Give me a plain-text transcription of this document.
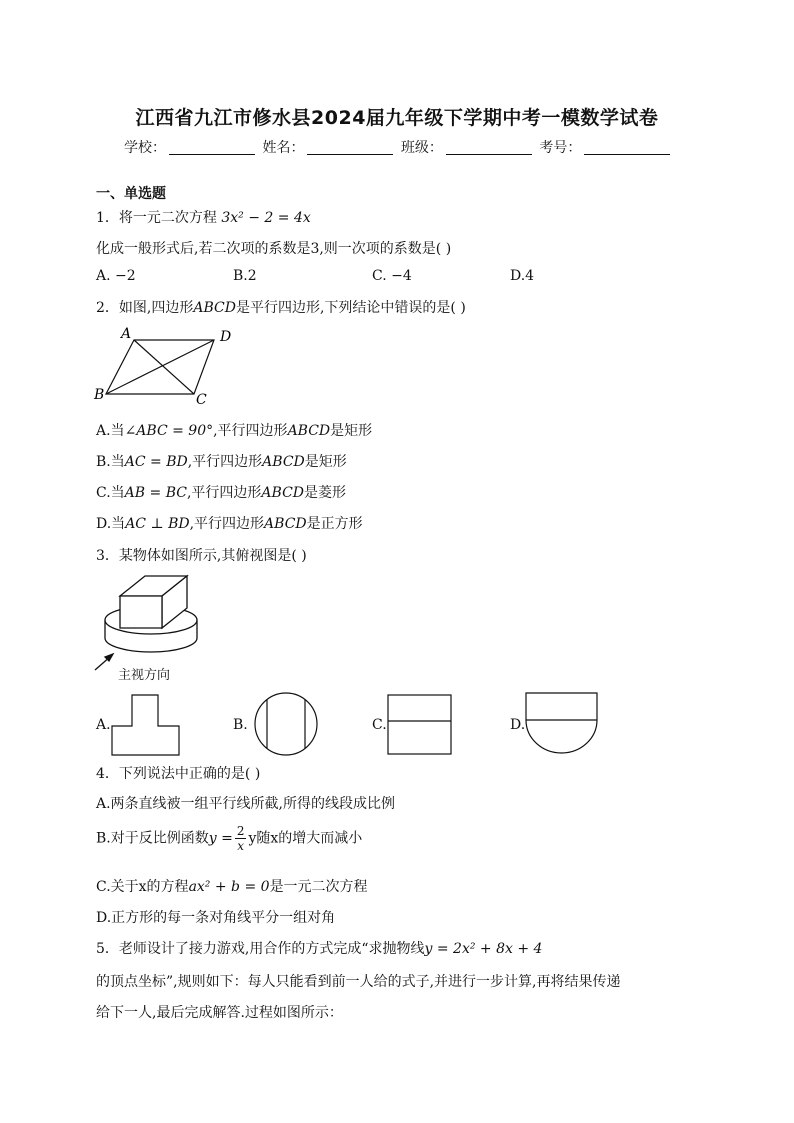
江西省九江市修水县2024届九年级下学期中考一模数学试卷
学校：	姓名：	班级：	考号：
一、单选题
1．将一元二次方程 3x² − 2 = 4x
化成一般形式后,若二次项的系数是3,则一次项的系数是( )
A. −2	B.2	C. −4	D.4
2．如图,四边形ABCD是平行四边形,下列结论中错误的是( )
A	D
B	C
A.当∠ABC = 90°,平行四边形ABCD是矩形
B.当AC = BD,平行四边形ABCD是矩形
C.当AB = BC,平行四边形ABCD是菱形
D.当AC ⊥ BD,平行四边形ABCD是正方形
3．某物体如图所示,其俯视图是( )
主视方向
A.	B.	C.	D.
4．下列说法中正确的是( )
A.两条直线被一组平行线所截,所得的线段成比例
B.对于反比例函数$y = \frac{2}{x}$ y随x的增大而减小
C.关于x的方程ax² + b = 0是一元二次方程
D.正方形的每一条对角线平分一组对角
5．老师设计了接力游戏,用合作的方式完成“求抛物线y = 2x² + 8x + 4
的顶点坐标”,规则如下：每人只能看到前一人给的式子,并进行一步计算,再将结果传递
给下一人,最后完成解答.过程如图所示：
